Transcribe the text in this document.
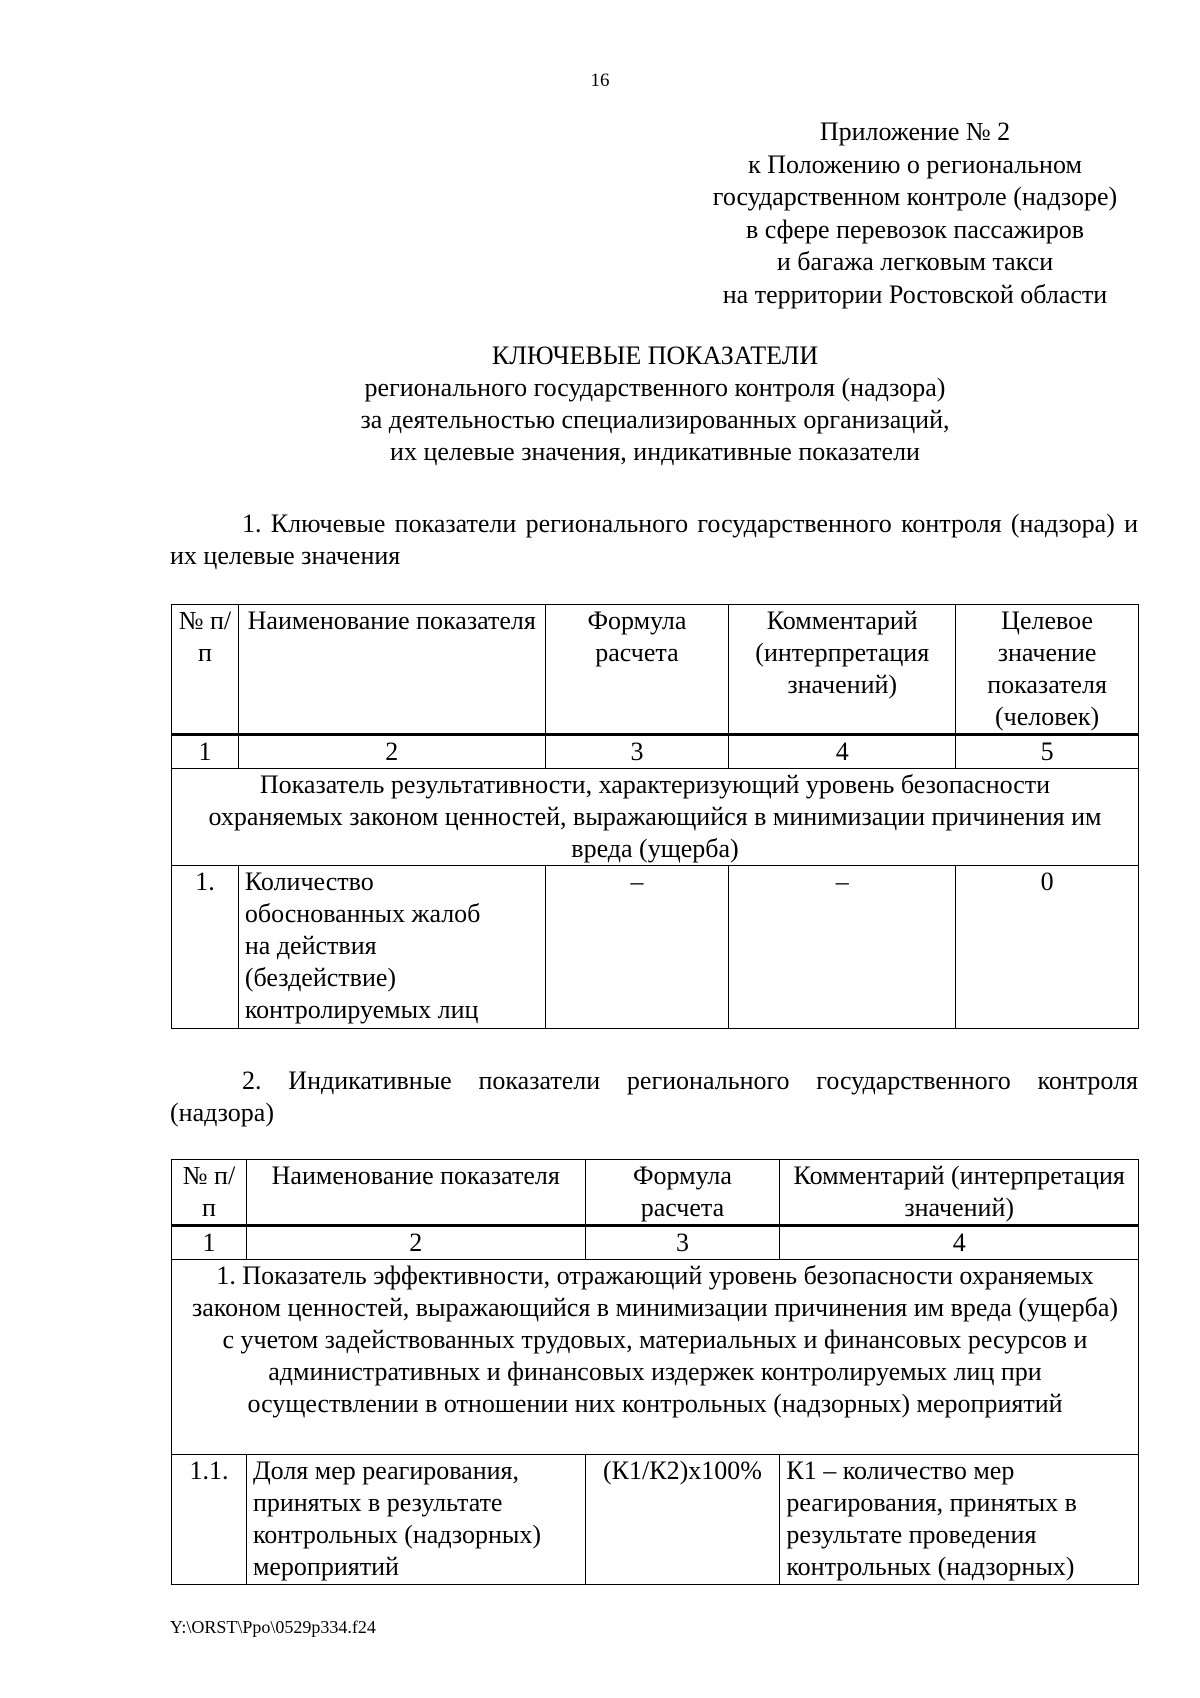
16
Приложение № 2
к Положению о региональном
государственном контроле (надзоре)
в сфере перевозок пассажиров
и багажа легковым такси
на территории Ростовской области
КЛЮЧЕВЫЕ ПОКАЗАТЕЛИ
регионального государственного контроля (надзора)
за деятельностью специализированных организаций,
их целевые значения, индикативные показатели
1. Ключевые показатели регионального государственного контроля (надзора) и их целевые значения
№ п/п	Наименование показателя	Формула расчета	Комментарий (интерпретация значений)	Целевое значение показателя (человек)
1	2	3	4	5
Показатель результативности, характеризующий уровень безопасности охраняемых законом ценностей, выражающийся в минимизации причинения им вреда (ущерба)				
1.	Количество обоснованных жалоб на действия (бездействие) контролируемых лиц	–	–	0
2. Индикативные показатели регионального государственного контроля (надзора)
№ п/п	Наименование показателя	Формула расчета	Комментарий (интерпретация значений)
1	2	3	4
1. Показатель эффективности, отражающий уровень безопасности охраняемых законом ценностей, выражающийся в минимизации причинения им вреда (ущерба) с учетом задействованных трудовых, материальных и финансовых ресурсов и административных и финансовых издержек контролируемых лиц при осуществлении в отношении них контрольных (надзорных) мероприятий			
1.1.	Доля мер реагирования, принятых в результате контрольных (надзорных) мероприятий	(К1/К2)х100%	К1 – количество мер реагирования, принятых в результате проведения контрольных (надзорных)
Y:\ORST\Ppo\0529p334.f24
